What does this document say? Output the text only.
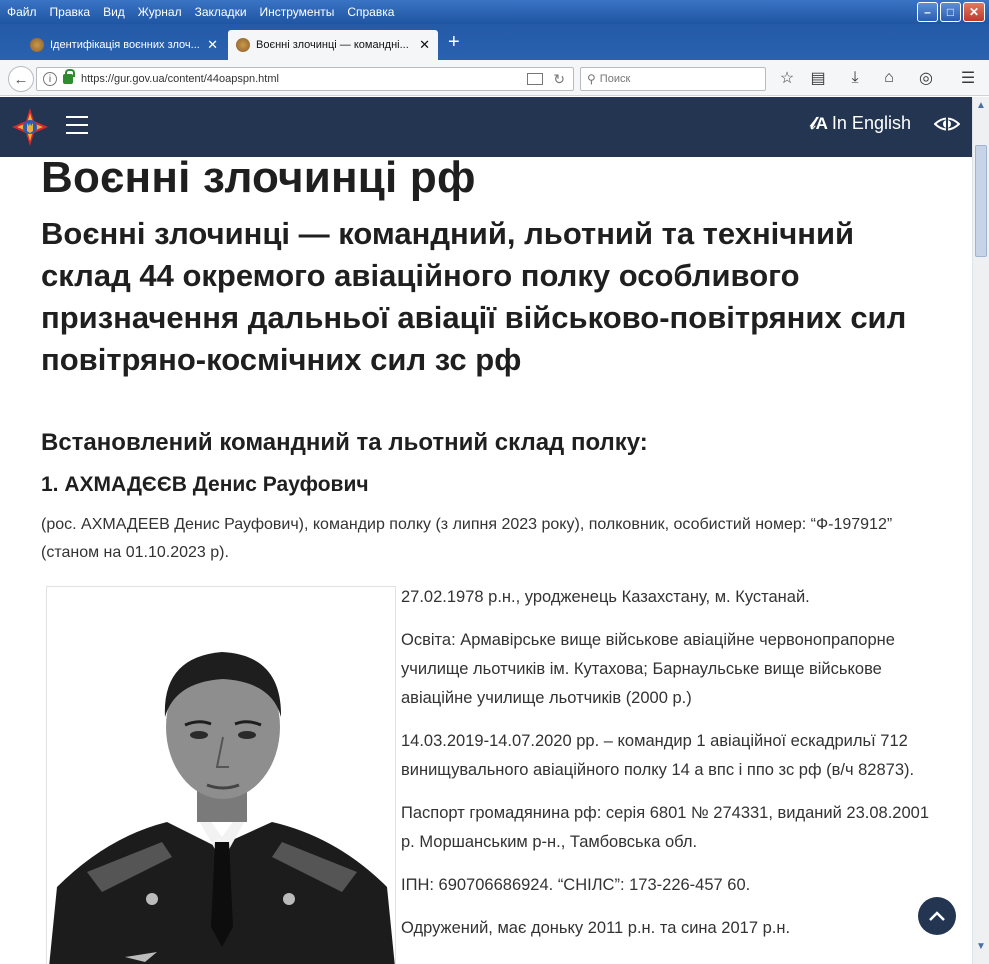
Файл Правка Вид Журнал Закладки Инструменты Справка	–	□	✕
Ідентифікація воєнних злоч... ✕	Воєнні злочинці — командні... ✕ +
←	i	https://gur.gov.ua/content/44oapspn.html	↻ ⚲
Поиск	☆ ▤	⤓	⌂	◎ ☰
𝓁A In English
▲
▼
Воєнні злочинці рф
Воєнні злочинці — командний, льотний та технічний склад 44 окремого авіаційного полку особливого призначення дальньої авіації військово-повітряних сил повітряно-космічних сил зс рф
Встановлений командний та льотний склад полку:
1. АХМАДЄЄВ Денис Рауфович

(рос. АХМАДЕЕВ Денис Рауфович), командир полку (з липня 2023 року), полковник, особистий номер: “Ф-197912” (станом на 01.10.2023 р).

27.02.1978 р.н., уродженець Казахстану, м. Кустанай.

Освіта: Армавірське вище військове авіаційне червонопрапорне училище льотчиків ім. Кутахова; Барнаульське вище військове авіаційне училище льотчиків (2000 р.)

14.03.2019-14.07.2020 рр. – командир 1 авіаційної ескадрильї 712 винищувального авіаційного полку 14 а впс і ппо зс рф (в/ч 82873).

Паспорт громадянина рф: серія 6801 № 274331, виданий 23.08.2001 р. Моршанським р-н., Тамбовська обл.

ІПН: 690706686924. “СНІЛС”: 173-226-457 60.

Одружений, має доньку 2011 р.н. та сина 2017 р.н.
